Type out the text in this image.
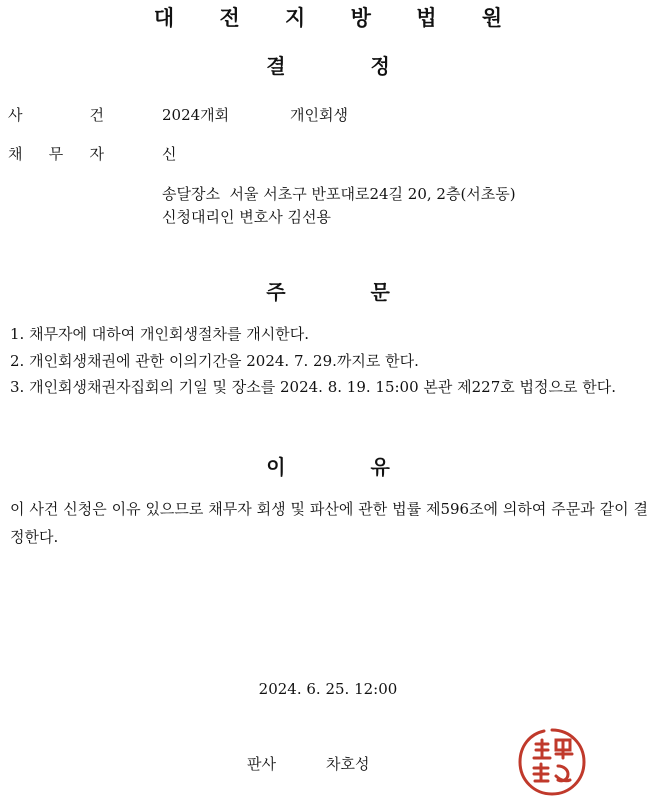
대 전 지 방 법 원
결 정
사	건	2024개회	개인회생
채 무 자	신
송달장소  서울 서초구 반포대로24길 20, 2층(서초동)
신청대리인 변호사 김선용
주 문
1. 채무자에 대하여 개인회생절차를 개시한다.
2. 개인회생채권에 관한 이의기간을 2024. 7. 29.까지로 한다.
3. 개인회생채권자집회의 기일 및 장소를 2024. 8. 19. 15:00 본관 제227호 법정으로 한다.
이 유
이 사건 신청은 이유 있으므로 채무자 회생 및 파산에 관한 법률 제596조에 의하여 주문과 같이 결정한다.
2024. 6. 25. 12:00
판사	차호성
